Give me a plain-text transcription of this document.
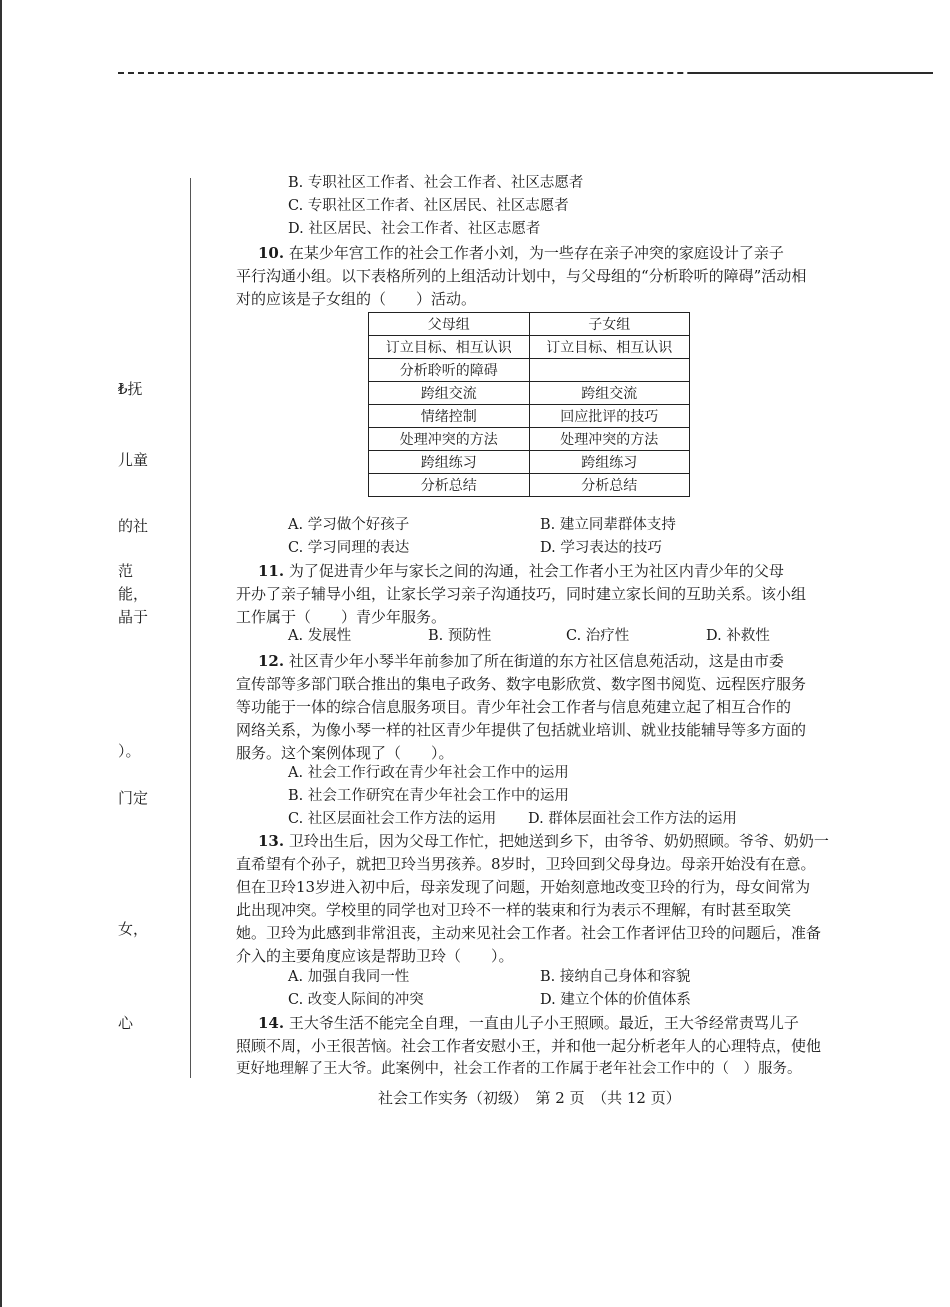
₺抚
儿童
的社
范
能，
晶于
）。
门定
女，
心
B. 专职社区工作者、社会工作者、社区志愿者
C. 专职社区工作者、社区居民、社区志愿者
D. 社区居民、社会工作者、社区志愿者
10. 在某少年宫工作的社会工作者小刘，为一些存在亲子冲突的家庭设计了亲子
平行沟通小组。以下表格所列的上组活动计划中，与父母组的“分析聆听的障碍”活动相
对的应该是子女组的（　　）活动。
父母组	子女组
订立目标、相互认识	订立目标、相互认识
分析聆听的障碍	
跨组交流	跨组交流
情绪控制	回应批评的技巧
处理冲突的方法	处理冲突的方法
跨组练习	跨组练习
分析总结	分析总结
A. 学习做个好孩子	B. 建立同辈群体支持
C. 学习同理的表达	D. 学习表达的技巧
11. 为了促进青少年与家长之间的沟通，社会工作者小王为社区内青少年的父母
开办了亲子辅导小组，让家长学习亲子沟通技巧，同时建立家长间的互助关系。该小组
工作属于（　　）青少年服务。
A. 发展性	B. 预防性	C. 治疗性	D. 补救性
12. 社区青少年小琴半年前参加了所在街道的东方社区信息苑活动，这是由市委
宣传部等多部门联合推出的集电子政务、数字电影欣赏、数字图书阅览、远程医疗服务
等功能于一体的综合信息服务项目。青少年社会工作者与信息苑建立起了相互合作的
网络关系，为像小琴一样的社区青少年提供了包括就业培训、就业技能辅导等多方面的
服务。这个案例体现了（　　）。
A. 社会工作行政在青少年社会工作中的运用
B. 社会工作研究在青少年社会工作中的运用
C. 社区层面社会工作方法的运用 D. 群体层面社会工作方法的运用
13. 卫玲出生后，因为父母工作忙，把她送到乡下，由爷爷、奶奶照顾。爷爷、奶奶一
直希望有个孙子，就把卫玲当男孩养。8岁时，卫玲回到父母身边。母亲开始没有在意。
但在卫玲13岁进入初中后，母亲发现了问题，开始刻意地改变卫玲的行为，母女间常为
此出现冲突。学校里的同学也对卫玲不一样的装束和行为表示不理解，有时甚至取笑
她。卫玲为此感到非常沮丧，主动来见社会工作者。社会工作者评估卫玲的问题后，准备
介入的主要角度应该是帮助卫玲（　　）。
A. 加强自我同一性	B. 接纳自己身体和容貌
C. 改变人际间的冲突	D. 建立个体的价值体系
14. 王大爷生活不能完全自理，一直由儿子小王照顾。最近，王大爷经常责骂儿子
照顾不周，小王很苦恼。社会工作者安慰小王，并和他一起分析老年人的心理特点，使他
更好地理解了王大爷。此案例中，社会工作者的工作属于老年社会工作中的（　）服务。
社会工作实务（初级）　第 2 页　（共 12 页）
